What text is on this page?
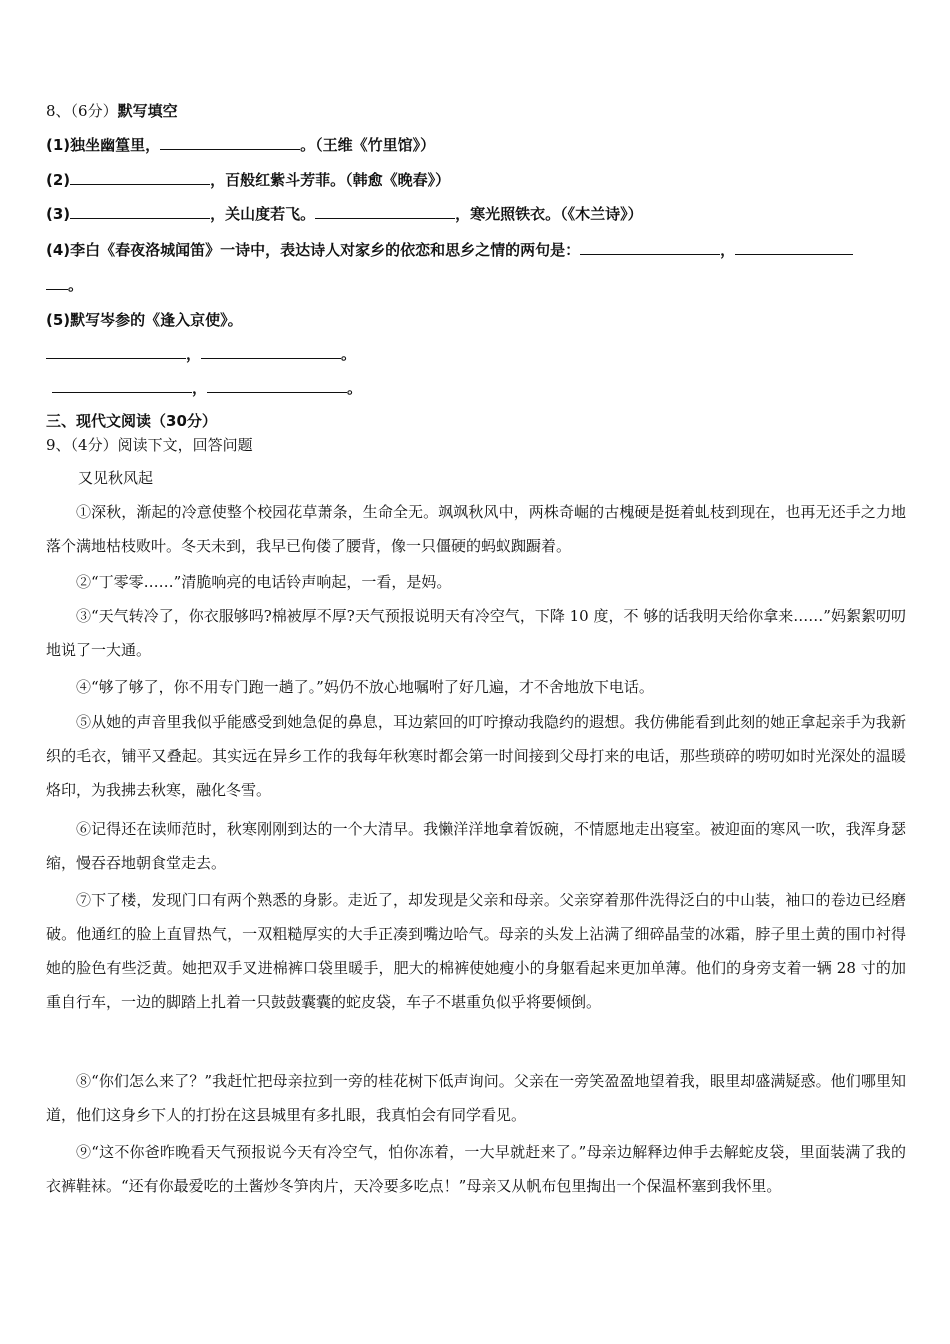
8、（6分）默写填空
(1)独坐幽篁里，	。（王维《竹里馆》）
(2)	，百般红紫斗芳菲。（韩愈《晚春》）
(3)	，关山度若飞。	，寒光照铁衣。（《木兰诗》）
(4)李白《春夜洛城闻笛》一诗中，表达诗人对家乡的依恋和思乡之情的两句是：	，
。
(5)默写岑参的《逢入京使》。
，	。
，	。
三、现代文阅读（30分）
9、（4分）阅读下文，回答问题
又见秋风起
①深秋，渐起的冷意使整个校园花草萧条，生命全无。飒飒秋风中，两株奇崛的古槐硬是挺着虬枝到现在，也再无还手之力地落个满地枯枝败叶。冬天未到，我早已佝偻了腰背，像一只僵硬的蚂蚁踟蹰着。
②“丁零零……”清脆响亮的电话铃声响起，一看，是妈。
③“天气转冷了，你衣服够吗?棉被厚不厚?天气预报说明天有冷空气，下降 10 度，不 够的话我明天给你拿来……”妈絮絮叨叨地说了一大通。
④“够了够了，你不用专门跑一趟了。”妈仍不放心地嘱咐了好几遍，才不舍地放下电话。
⑤从她的声音里我似乎能感受到她急促的鼻息，耳边萦回的叮咛撩动我隐约的遐想。我仿佛能看到此刻的她正拿起亲手为我新织的毛衣，铺平又叠起。其实远在异乡工作的我每年秋寒时都会第一时间接到父母打来的电话，那些琐碎的唠叨如时光深处的温暖烙印，为我拂去秋寒，融化冬雪。
⑥记得还在读师范时，秋寒刚刚到达的一个大清早。我懒洋洋地拿着饭碗，不情愿地走出寝室。被迎面的寒风一吹，我浑身瑟缩，慢吞吞地朝食堂走去。
⑦下了楼，发现门口有两个熟悉的身影。走近了，却发现是父亲和母亲。父亲穿着那件洗得泛白的中山装，袖口的卷边已经磨破。他通红的脸上直冒热气，一双粗糙厚实的大手正凑到嘴边哈气。母亲的头发上沾满了细碎晶莹的冰霜，脖子里土黄的围巾衬得她的脸色有些泛黄。她把双手叉进棉裤口袋里暖手，肥大的棉裤使她瘦小的身躯看起来更加单薄。他们的身旁支着一辆 28 寸的加重自行车，一边的脚踏上扎着一只鼓鼓囊囊的蛇皮袋，车子不堪重负似乎将要倾倒。
⑧“你们怎么来了？”我赶忙把母亲拉到一旁的桂花树下低声询问。父亲在一旁笑盈盈地望着我，眼里却盛满疑惑。他们哪里知道，他们这身乡下人的打扮在这县城里有多扎眼，我真怕会有同学看见。
⑨“这不你爸昨晚看天气预报说今天有冷空气，怕你冻着，一大早就赶来了。”母亲边解释边伸手去解蛇皮袋，里面装满了我的衣裤鞋袜。“还有你最爱吃的土酱炒冬笋肉片，天冷要多吃点！”母亲又从帆布包里掏出一个保温杯塞到我怀里。
